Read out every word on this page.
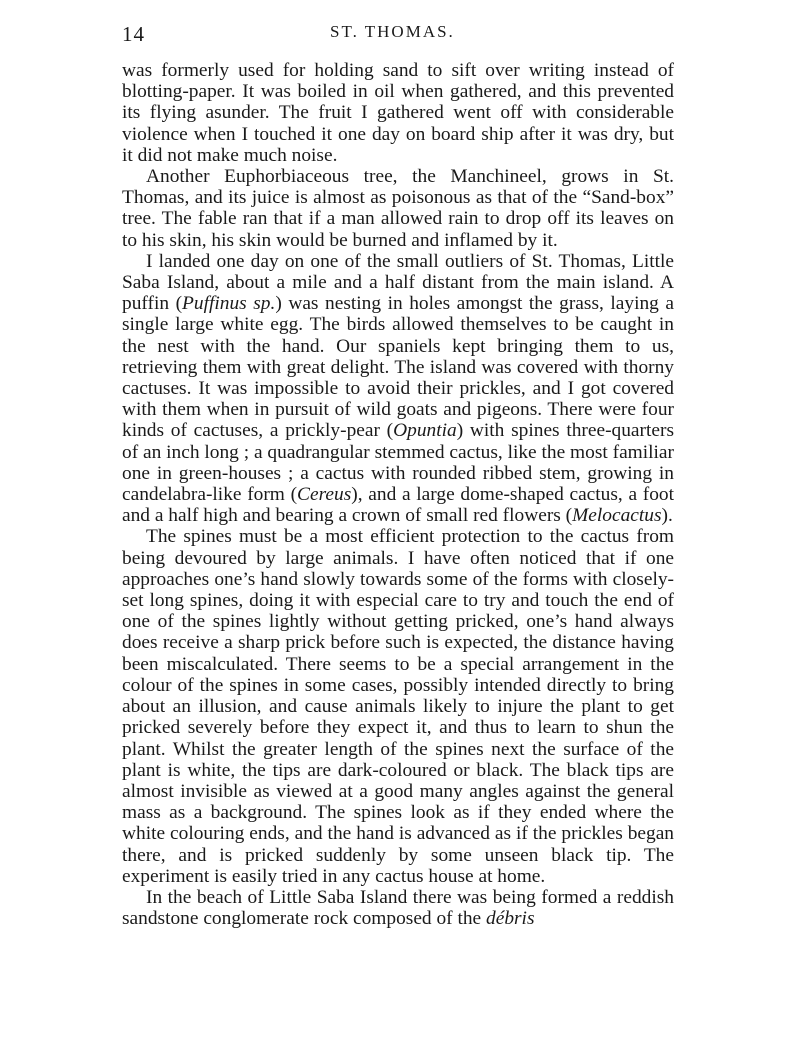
14	ST. THOMAS.

was formerly used for holding sand to sift over writing instead of blotting-paper. It was boiled in oil when gathered, and this prevented its flying asunder. The fruit I gathered went off with considerable violence when I touched it one day on board ship after it was dry, but it did not make much noise.

Another Euphorbiaceous tree, the Manchineel, grows in St. Thomas, and its juice is almost as poisonous as that of the “Sand-box” tree. The fable ran that if a man allowed rain to drop off its leaves on to his skin, his skin would be burned and inflamed by it.

I landed one day on one of the small outliers of St. Thomas, Little Saba Island, about a mile and a half distant from the main island. A puffin (Puffinus sp.) was nesting in holes amongst the grass, laying a single large white egg. The birds allowed themselves to be caught in the nest with the hand. Our spaniels kept bringing them to us, retrieving them with great delight. The island was covered with thorny cactuses. It was impossible to avoid their prickles, and I got covered with them when in pursuit of wild goats and pigeons. There were four kinds of cactuses, a prickly-pear (Opuntia) with spines three-quarters of an inch long ; a quadrangular stemmed cactus, like the most familiar one in green-houses ; a cactus with rounded ribbed stem, growing in candelabra-like form (Cereus), and a large dome-shaped cactus, a foot and a half high and bearing a crown of small red flowers (Melocactus).

The spines must be a most efficient protection to the cactus from being devoured by large animals. I have often noticed that if one approaches one’s hand slowly towards some of the forms with closely-set long spines, doing it with especial care to try and touch the end of one of the spines lightly without getting pricked, one’s hand always does receive a sharp prick before such is expected, the distance having been miscalculated. There seems to be a special arrangement in the colour of the spines in some cases, possibly intended directly to bring about an illusion, and cause animals likely to injure the plant to get pricked severely before they expect it, and thus to learn to shun the plant. Whilst the greater length of the spines next the surface of the plant is white, the tips are dark-coloured or black. The black tips are almost invisible as viewed at a good many angles against the general mass as a background. The spines look as if they ended where the white colouring ends, and the hand is advanced as if the prickles began there, and is pricked suddenly by some unseen black tip. The experiment is easily tried in any cactus house at home.

In the beach of Little Saba Island there was being formed a reddish sandstone conglomerate rock composed of the débris
